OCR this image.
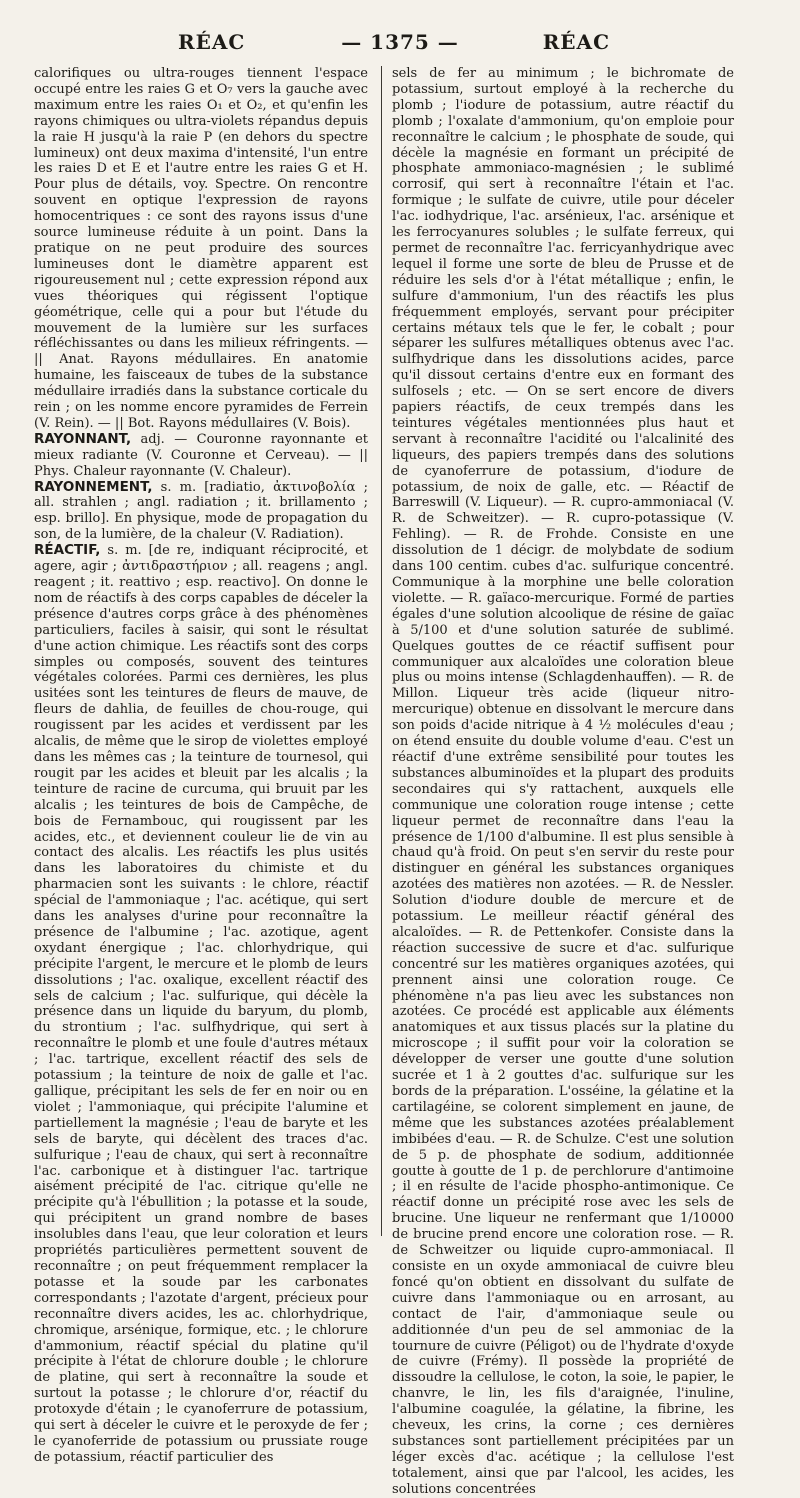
RÉAC	— 1375 —	RÉAC

calorifiques ou ultra-rouges tiennent l'espace occupé entre les raies G et O₇ vers la gauche avec maximum entre les raies O₁ et O₂, et qu'enfin les rayons chimiques ou ultra-violets répandus depuis la raie H jusqu'à la raie P (en dehors du spectre lumineux) ont deux maxima d'intensité, l'un entre les raies D et E et l'autre entre les raies G et H. Pour plus de détails, voy. Spectre. On rencontre souvent en optique l'expression de rayons homocentriques : ce sont des rayons issus d'une source lumineuse réduite à un point. Dans la pratique on ne peut produire des sources lumineuses dont le diamètre apparent est rigoureusement nul ; cette expression répond aux vues théoriques qui régissent l'optique géométrique, celle qui a pour but l'étude du mouvement de la lumière sur les surfaces réfléchissantes ou dans les milieux réfringents. — || Anat. Rayons médullaires. En anatomie humaine, les faisceaux de tubes de la substance médullaire irradiés dans la substance corticale du rein ; on les nomme encore pyramides de Ferrein (V. Rein). — || Bot. Rayons médullaires (V. Bois).

RAYONNANT, adj. — Couronne rayonnante et mieux radiante (V. Couronne et Cerveau). — || Phys. Chaleur rayonnante (V. Chaleur).

RAYONNEMENT, s. m. [radiatio, ἀκτινοβολία ; all. strahlen ; angl. radiation ; it. brillamento ; esp. brillo]. En physique, mode de propagation du son, de la lumière, de la chaleur (V. Radiation).

RÉACTIF, s. m. [de re, indiquant réciprocité, et agere, agir ; ἀντιδραστήριον ; all. reagens ; angl. reagent ; it. reattivo ; esp. reactivo]. On donne le nom de réactifs à des corps capables de déceler la présence d'autres corps grâce à des phénomènes particuliers, faciles à saisir, qui sont le résultat d'une action chimique. Les réactifs sont des corps simples ou composés, souvent des teintures végétales colorées. Parmi ces dernières, les plus usitées sont les teintures de fleurs de mauve, de fleurs de dahlia, de feuilles de chou-rouge, qui rougissent par les acides et verdissent par les alcalis, de même que le sirop de violettes employé dans les mêmes cas ; la teinture de tournesol, qui rougit par les acides et bleuit par les alcalis ; la teinture de racine de curcuma, qui bruuit par les alcalis ; les teintures de bois de Campêche, de bois de Fernambouc, qui rougissent par les acides, etc., et deviennent couleur lie de vin au contact des alcalis. Les réactifs les plus usités dans les laboratoires du chimiste et du pharmacien sont les suivants : le chlore, réactif spécial de l'ammoniaque ; l'ac. acétique, qui sert dans les analyses d'urine pour reconnaître la présence de l'albumine ; l'ac. azotique, agent oxydant énergique ; l'ac. chlorhydrique, qui précipite l'argent, le mercure et le plomb de leurs dissolutions ; l'ac. oxalique, excellent réactif des sels de calcium ; l'ac. sulfurique, qui décèle la présence dans un liquide du baryum, du plomb, du strontium ; l'ac. sulfhydrique, qui sert à reconnaître le plomb et une foule d'autres métaux ; l'ac. tartrique, excellent réactif des sels de potassium ; la teinture de noix de galle et l'ac. gallique, précipitant les sels de fer en noir ou en violet ; l'ammoniaque, qui précipite l'alumine et partiellement la magnésie ; l'eau de baryte et les sels de baryte, qui décèlent des traces d'ac. sulfurique ; l'eau de chaux, qui sert à reconnaître l'ac. carbonique et à distinguer l'ac. tartrique aisément précipité de l'ac. citrique qu'elle ne précipite qu'à l'ébullition ; la potasse et la soude, qui précipitent un grand nombre de bases insolubles dans l'eau, que leur coloration et leurs propriétés particulières permettent souvent de reconnaître ; on peut fréquemment remplacer la potasse et la soude par les carbonates correspondants ; l'azotate d'argent, précieux pour reconnaître divers acides, les ac. chlorhydrique, chromique, arsénique, formique, etc. ; le chlorure d'ammonium, réactif spécial du platine qu'il précipite à l'état de chlorure double ; le chlorure de platine, qui sert à reconnaître la soude et surtout la potasse ; le chlorure d'or, réactif du protoxyde d'étain ; le cyanoferrure de potassium, qui sert à déceler le cuivre et le peroxyde de fer ; le cyanoferride de potassium ou prussiate rouge de potassium, réactif particulier des

sels de fer au minimum ; le bichromate de potassium, surtout employé à la recherche du plomb ; l'iodure de potassium, autre réactif du plomb ; l'oxalate d'ammonium, qu'on emploie pour reconnaître le calcium ; le phosphate de soude, qui décèle la magnésie en formant un précipité de phosphate ammoniaco-magnésien ; le sublimé corrosif, qui sert à reconnaître l'étain et l'ac. formique ; le sulfate de cuivre, utile pour déceler l'ac. iodhydrique, l'ac. arsénieux, l'ac. arsénique et les ferrocyanures solubles ; le sulfate ferreux, qui permet de reconnaître l'ac. ferricyanhydrique avec lequel il forme une sorte de bleu de Prusse et de réduire les sels d'or à l'état métallique ; enfin, le sulfure d'ammonium, l'un des réactifs les plus fréquemment employés, servant pour précipiter certains métaux tels que le fer, le cobalt ; pour séparer les sulfures métalliques obtenus avec l'ac. sulfhydrique dans les dissolutions acides, parce qu'il dissout certains d'entre eux en formant des sulfosels ; etc. — On se sert encore de divers papiers réactifs, de ceux trempés dans les teintures végétales mentionnées plus haut et servant à reconnaître l'acidité ou l'alcalinité des liqueurs, des papiers trempés dans des solutions de cyanoferrure de potassium, d'iodure de potassium, de noix de galle, etc. — Réactif de Barreswill (V. Liqueur). — R. cupro-ammoniacal (V. R. de Schweitzer). — R. cupro-potassique (V. Fehling). — R. de Frohde. Consiste en une dissolution de 1 décigr. de molybdate de sodium dans 100 centim. cubes d'ac. sulfurique concentré. Communique à la morphine une belle coloration violette. — R. gaïaco-mercurique. Formé de parties égales d'une solution alcoolique de résine de gaïac à 5/100 et d'une solution saturée de sublimé. Quelques gouttes de ce réactif suffisent pour communiquer aux alcaloïdes une coloration bleue plus ou moins intense (Schlagdenhauffen). — R. de Millon. Liqueur très acide (liqueur nitro-mercurique) obtenue en dissolvant le mercure dans son poids d'acide nitrique à 4 ½ molécules d'eau ; on étend ensuite du double volume d'eau. C'est un réactif d'une extrême sensibilité pour toutes les substances albuminoïdes et la plupart des produits secondaires qui s'y rattachent, auxquels elle communique une coloration rouge intense ; cette liqueur permet de reconnaître dans l'eau la présence de 1/100 d'albumine. Il est plus sensible à chaud qu'à froid. On peut s'en servir du reste pour distinguer en général les substances organiques azotées des matières non azotées. — R. de Nessler. Solution d'iodure double de mercure et de potassium. Le meilleur réactif général des alcaloïdes. — R. de Pettenkofer. Consiste dans la réaction successive de sucre et d'ac. sulfurique concentré sur les matières organiques azotées, qui prennent ainsi une coloration rouge. Ce phénomène n'a pas lieu avec les substances non azotées. Ce procédé est applicable aux éléments anatomiques et aux tissus placés sur la platine du microscope ; il suffit pour voir la coloration se développer de verser une goutte d'une solution sucrée et 1 à 2 gouttes d'ac. sulfurique sur les bords de la préparation. L'osséine, la gélatine et la cartilagéine, se colorent simplement en jaune, de même que les substances azotées préalablement imbibées d'eau. — R. de Schulze. C'est une solution de 5 p. de phosphate de sodium, additionnée goutte à goutte de 1 p. de perchlorure d'antimoine ; il en résulte de l'acide phospho-antimonique. Ce réactif donne un précipité rose avec les sels de brucine. Une liqueur ne renfermant que 1/10000 de brucine prend encore une coloration rose. — R. de Schweitzer ou liquide cupro-ammoniacal. Il consiste en un oxyde ammoniacal de cuivre bleu foncé qu'on obtient en dissolvant du sulfate de cuivre dans l'ammoniaque ou en arrosant, au contact de l'air, d'ammoniaque seule ou additionnée d'un peu de sel ammoniac de la tournure de cuivre (Péligot) ou de l'hydrate d'oxyde de cuivre (Frémy). Il possède la propriété de dissoudre la cellulose, le coton, la soie, le papier, le chanvre, le lin, les fils d'araignée, l'inuline, l'albumine coagulée, la gélatine, la fibrine, les cheveux, les crins, la corne ; ces dernières substances sont partiellement précipitées par un léger excès d'ac. acétique ; la cellulose l'est totalement, ainsi que par l'alcool, les acides, les solutions concentrées
